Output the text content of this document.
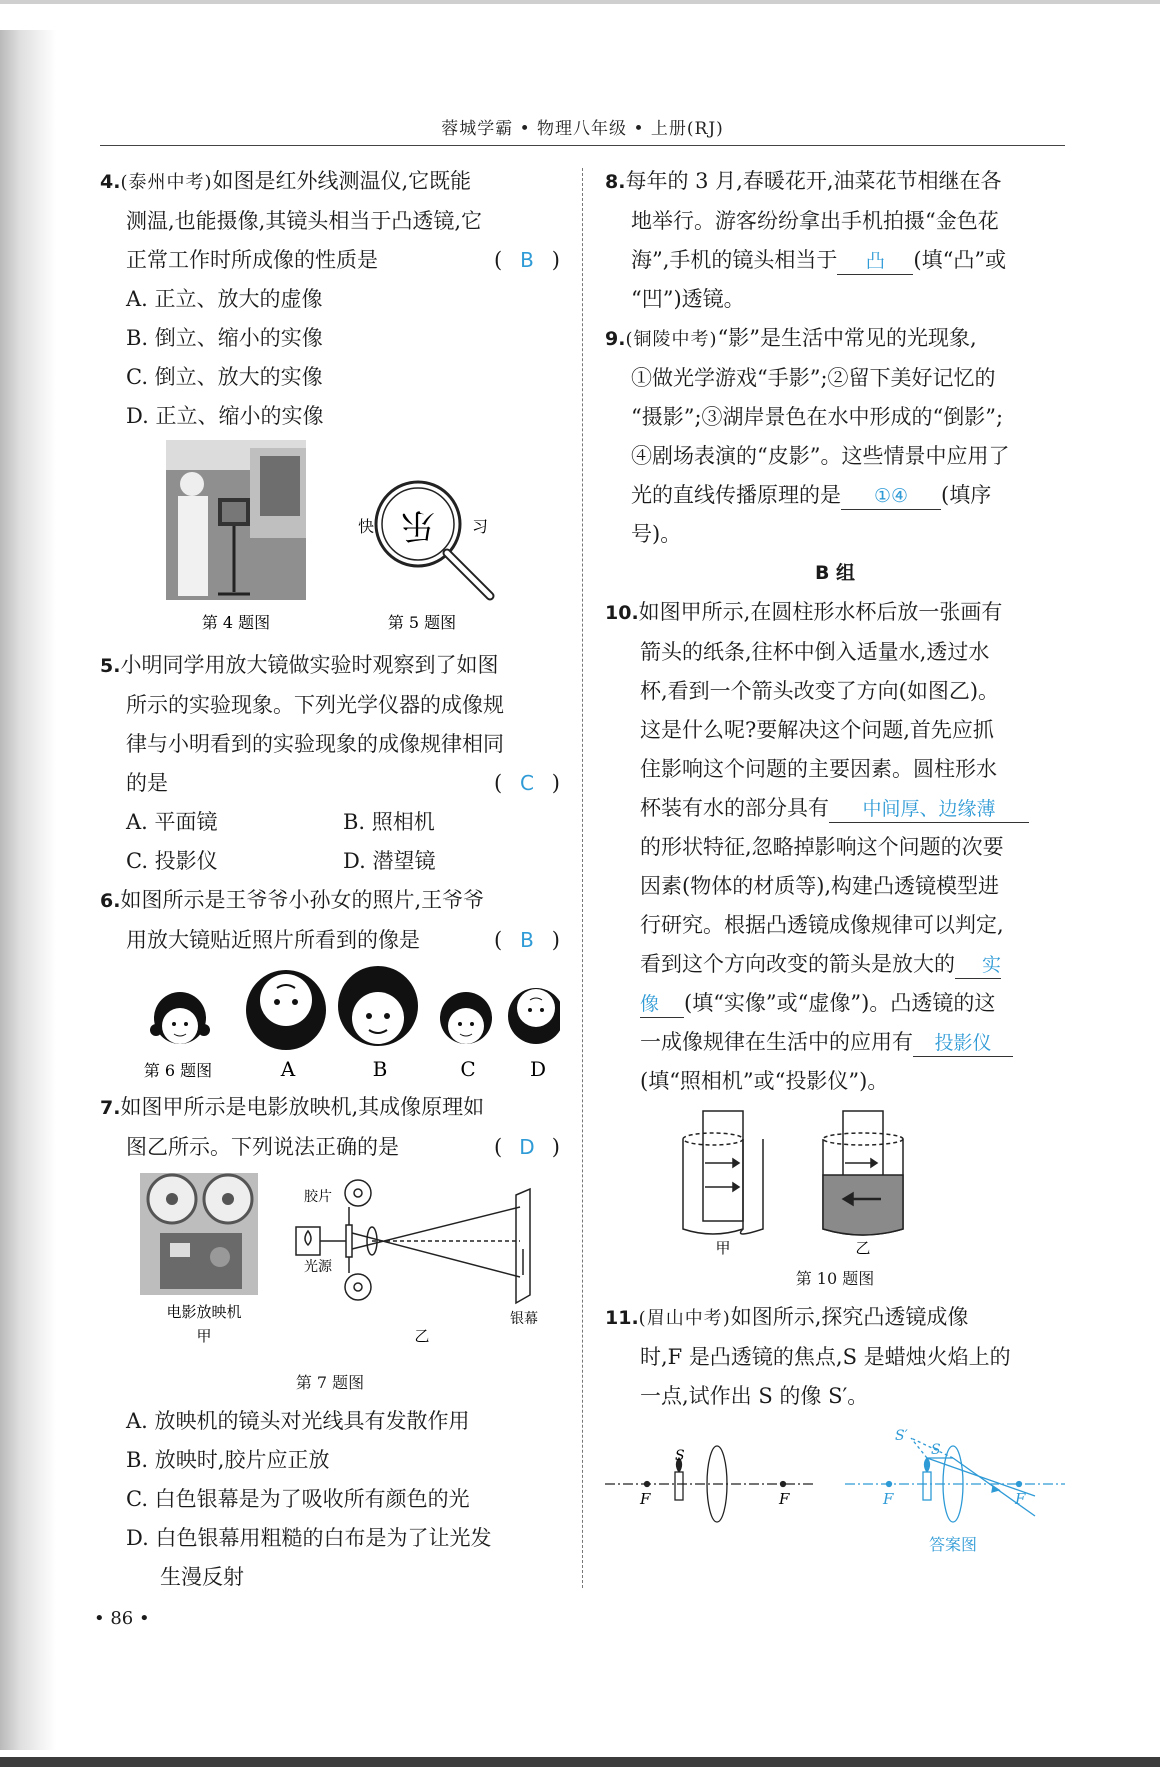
蓉城学霸 • 物理八年级 • 上册(RJ)
4.(泰州中考)如图是红外线测温仪,它既能
测温,也能摄像,其镜头相当于凸透镜,它
正常工作时所成像的性质是	( B )
A. 正立、放大的虚像
B. 倒立、缩小的实像
C. 倒立、放大的实像
D. 正立、缩小的实像
快	习
乐
第 4 题图	第 5 题图
5.小明同学用放大镜做实验时观察到了如图
所示的实验现象。下列光学仪器的成像规
律与小明看到的实验现象的成像规律相同
的是	( C )
A. 平面镜	B. 照相机
C. 投影仪	D. 潜望镜
6.如图所示是王爷爷小孙女的照片,王爷爷
用放大镜贴近照片所看到的像是	( B )
第 6 题图	A	B	C	D
7.如图甲所示是电影放映机,其成像原理如
图乙所示。下列说法正确的是	( D )
电影放映机
甲
胶片
光源
银幕
乙
第 7 题图
A. 放映机的镜头对光线具有发散作用
B. 放映时,胶片应正放
C. 白色银幕是为了吸收所有颜色的光
D. 白色银幕用粗糙的白布是为了让光发
生漫反射
• 86 •
8.每年的 3 月,春暖花开,油菜花节相继在各
地举行。游客纷纷拿出手机拍摄“金色花
海”,手机的镜头相当于 凸 (填“凸”或
“凹”)透镜。
9.(铜陵中考)“影”是生活中常见的光现象,
①做光学游戏“手影”;②留下美好记忆的
“摄影”;③湖岸景色在水中形成的“倒影”;
④剧场表演的“皮影”。这些情景中应用了
光的直线传播原理的是 ①④ (填序
号)。
B 组
10.如图甲所示,在圆柱形水杯后放一张画有
箭头的纸条,往杯中倒入适量水,透过水
杯,看到一个箭头改变了方向(如图乙)。
这是什么呢?要解决这个问题,首先应抓
住影响这个问题的主要因素。圆柱形水
杯装有水的部分具有 中间厚、边缘薄
的形状特征,忽略掉影响这个问题的次要
因素(物体的材质等),构建凸透镜模型进
行研究。根据凸透镜成像规律可以判定,
看到这个方向改变的箭头是放大的 实
像 (填“实像”或“虚像”)。凸透镜的这
一成像规律在生活中的应用有 投影仪
(填“照相机”或“投影仪”)。
甲	乙
第 10 题图
11.(眉山中考)如图所示,探究凸透镜成像
时,F 是凸透镜的焦点,S 是蜡烛火焰上的
一点,试作出 S 的像 S′。
F	F
S
S′
S
F	F
答案图
